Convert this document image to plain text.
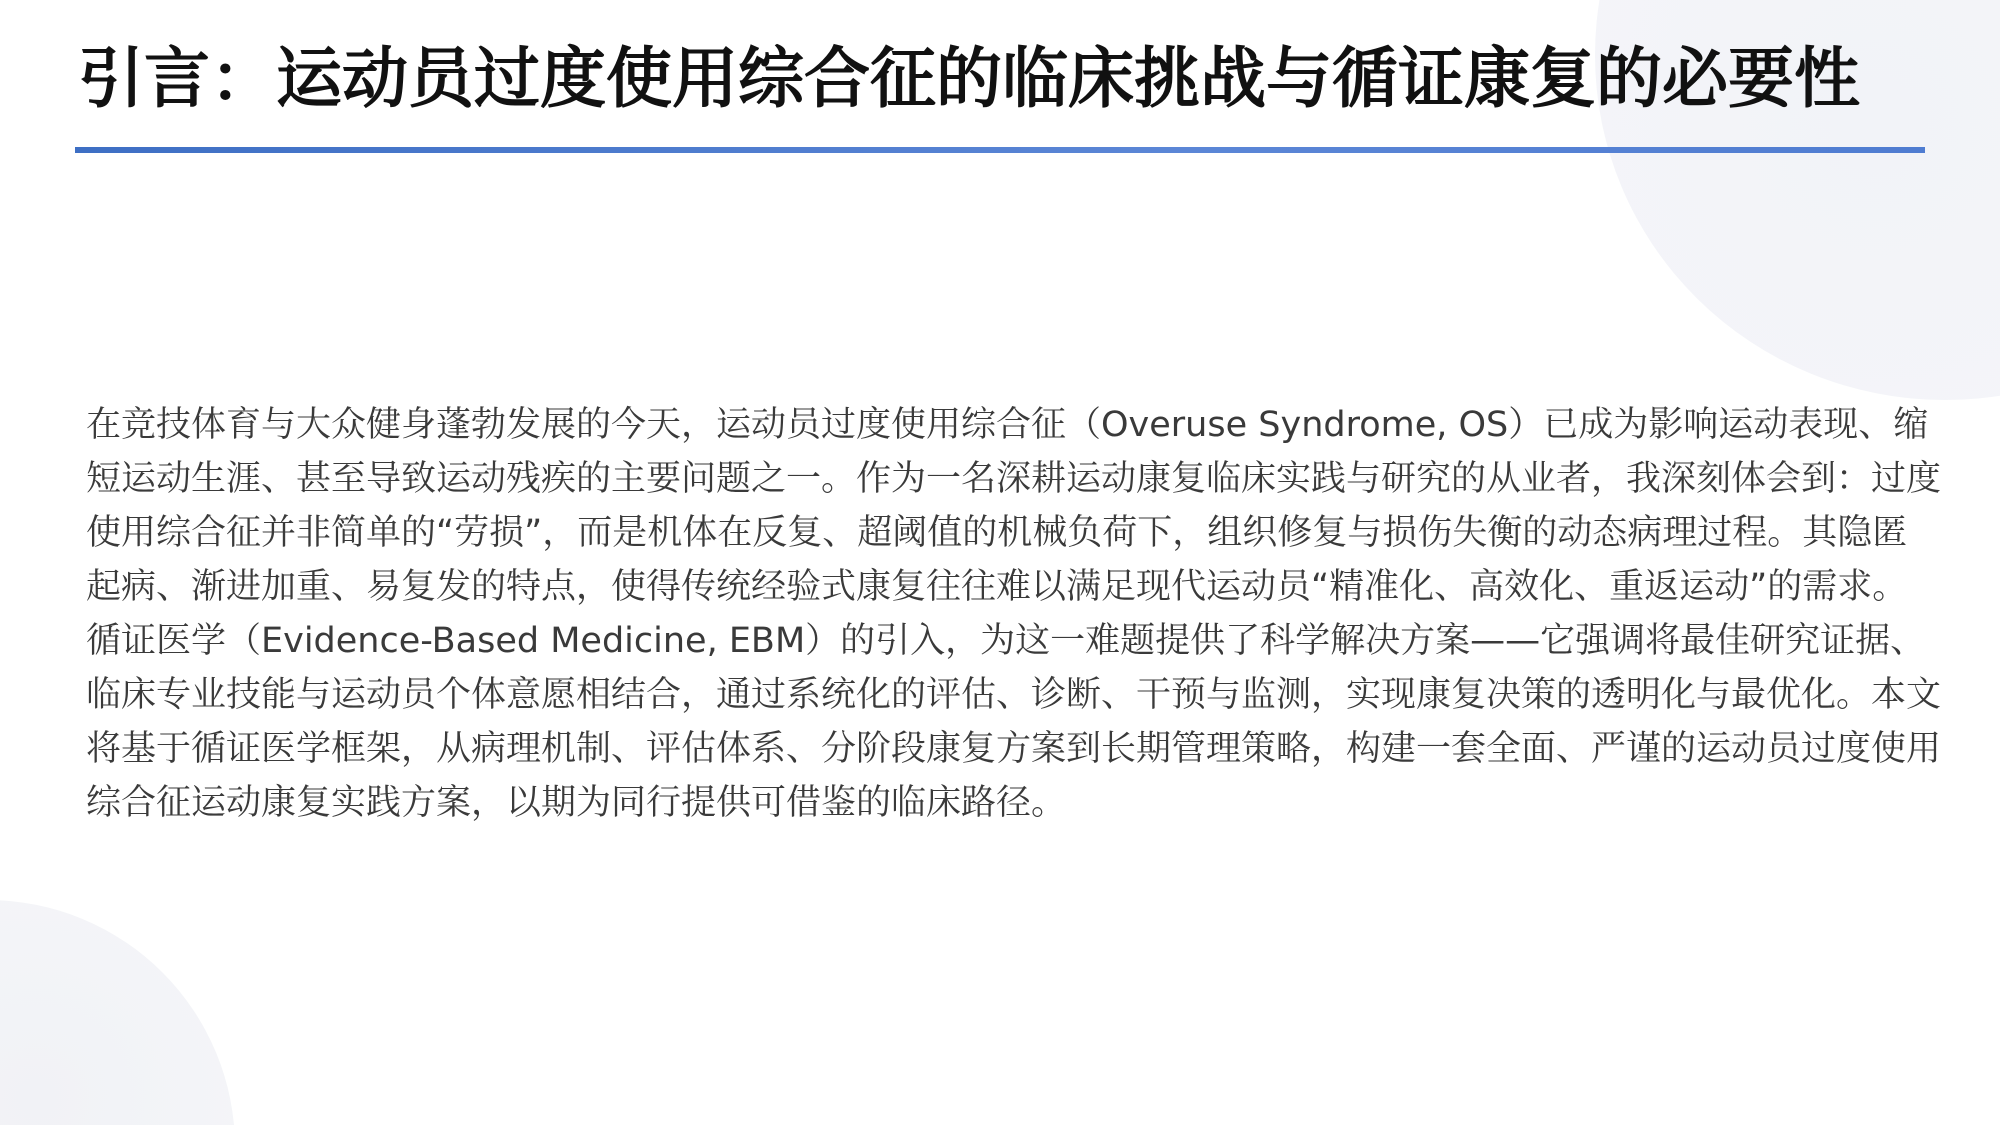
引言：运动员过度使用综合征的临床挑战与循证康复的必要性

在竞技体育与大众健身蓬勃发展的今天，运动员过度使用综合征（Overuse Syndrome, OS）已成为影响运动表现、缩短运动生涯、甚至导致运动残疾的主要问题之一。作为一名深耕运动康复临床实践与研究的从业者，我深刻体会到：过度使用综合征并非简单的“劳损”，而是机体在反复、超阈值的机械负荷下，组织修复与损伤失衡的动态病理过程。其隐匿起病、渐进加重、易复发的特点，使得传统经验式康复往往难以满足现代运动员“精准化、高效化、重返运动”的需求。循证医学（Evidence-Based Medicine, EBM）的引入，为这一难题提供了科学解决方案——它强调将最佳研究证据、临床专业技能与运动员个体意愿相结合，通过系统化的评估、诊断、干预与监测，实现康复决策的透明化与最优化。本文将基于循证医学框架，从病理机制、评估体系、分阶段康复方案到长期管理策略，构建一套全面、严谨的运动员过度使用综合征运动康复实践方案，以期为同行提供可借鉴的临床路径。
